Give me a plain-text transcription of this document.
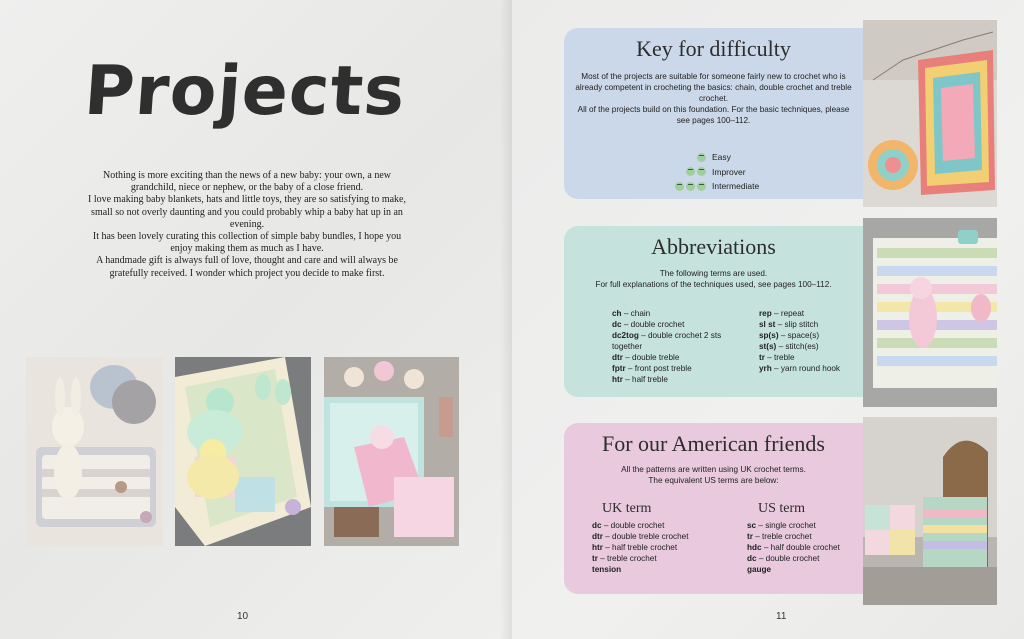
Projects

Nothing is more exciting than the news of a new baby: your own, a new grandchild, niece or nephew, or the baby of a close friend.

I love making baby blankets, hats and little toys, they are so satisfying to make, small so not overly daunting and you could probably whip a baby hat up in an evening.

It has been lovely curating this collection of simple baby bundles, I hope you enjoy making them as much as I have.

A handmade gift is always full of love, thought and care and will always be gratefully received. I wonder which project you decide to make first.

10
Key for difficulty

Most of the projects are suitable for someone fairly new to crochet who is already competent in crocheting the basics: chain, double crochet and treble crochet.

All of the projects build on this foundation. For the basic techniques, please see pages 100–112.

Easy
Improver
Intermediate
Abbreviations

The following terms are used.

For full explanations of the techniques used, see pages 100–112.

ch – chain

dc – double crochet

dc2tog – double crochet 2 sts together

dtr – double treble

fptr – front post treble

htr – half treble

rep – repeat

sl st – slip stitch

sp(s) – space(s)

st(s) – stitch(es)

tr – treble

yrh – yarn round hook

For our American friends

All the patterns are written using UK crochet terms.

The equivalent US terms are below:

UK term	US term

dc – double crochet

dtr – double treble crochet

htr – half treble crochet

tr – treble crochet

tension

sc – single crochet

tr – treble crochet

hdc – half double crochet

dc – double crochet

gauge

11
